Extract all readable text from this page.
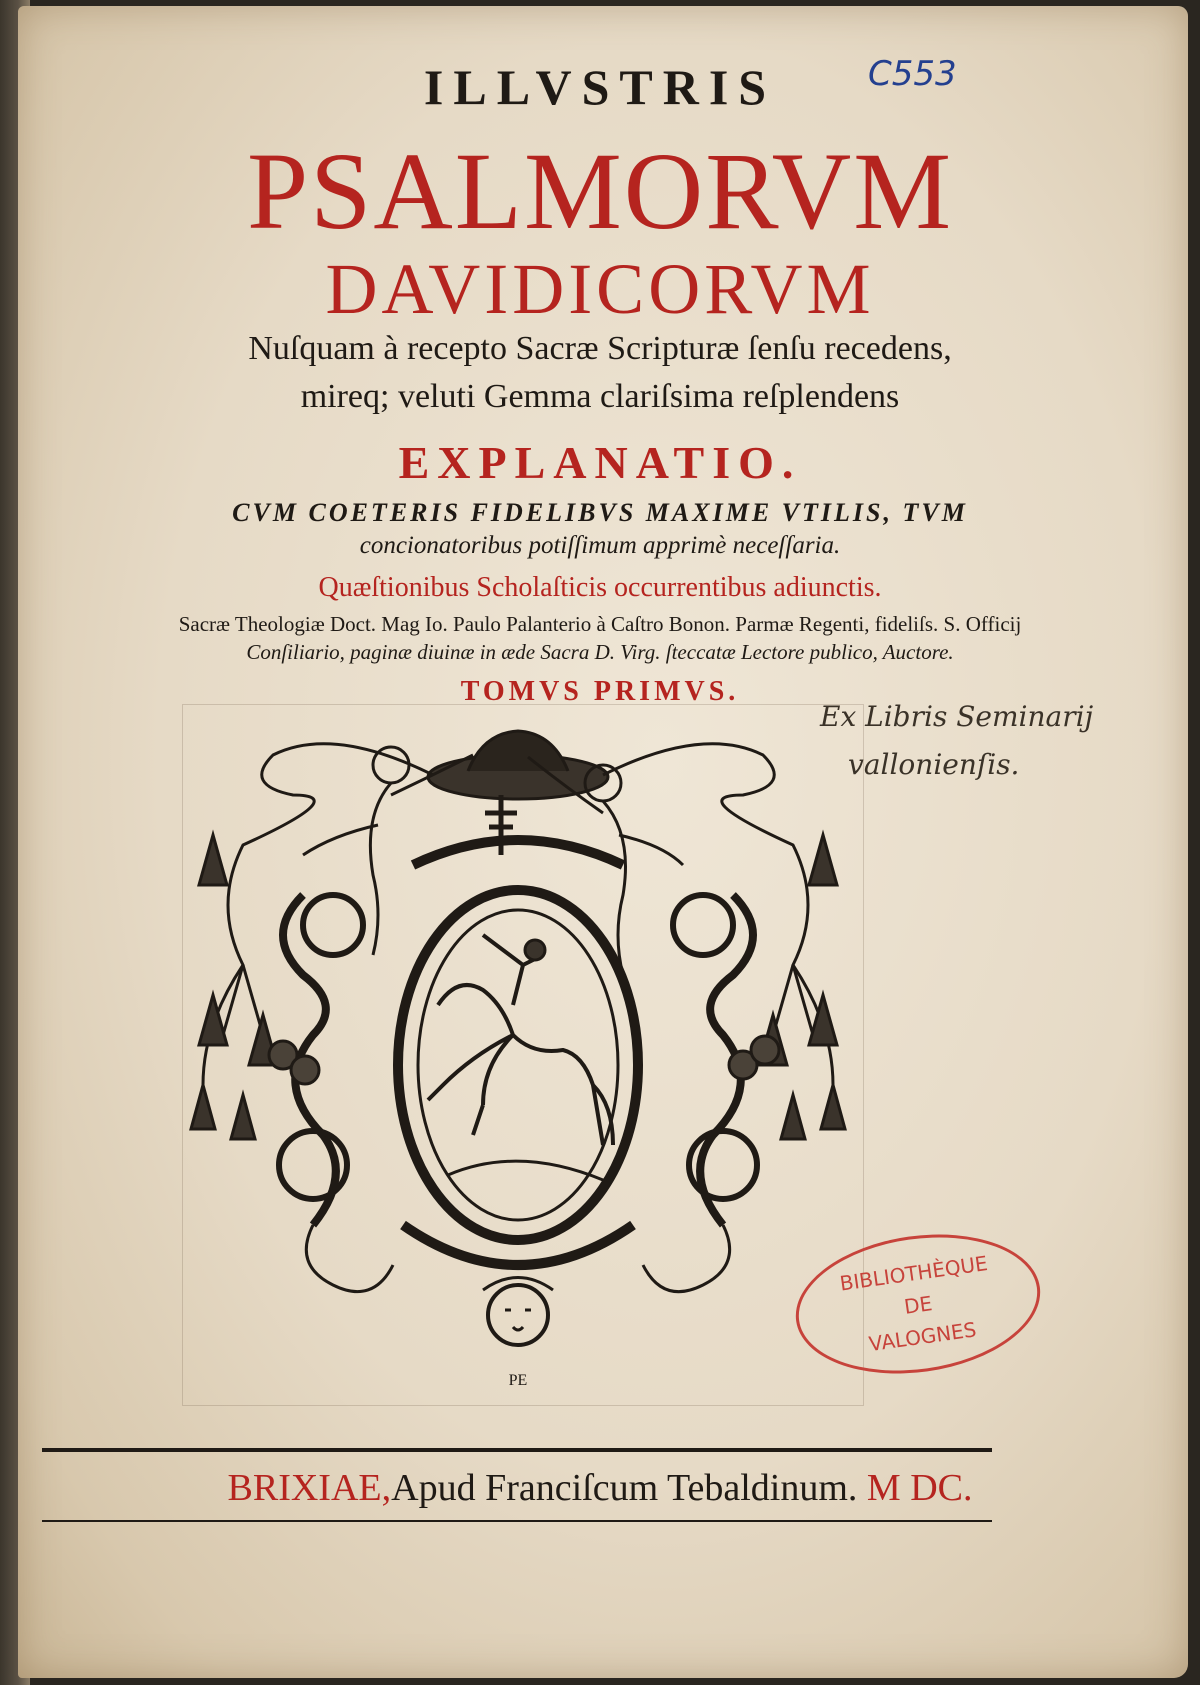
C553
ILLVSTRIS
PSALMORVM
DAVIDICORVM
Nuſquam à recepto Sacræ Scripturæ ſenſu recedens,
mireq; veluti Gemma clariſsima reſplendens
EXPLANATIO.
CVM COETERIS FIDELIBVS MAXIME VTILIS, TVM
concionatoribus potiſſimum apprimè neceſſaria.
Quæſtionibus Scholaſticis occurrentibus adiunctis.
Sacræ Theologiæ Doct. Mag Io. Paulo Palanterio à Caſtro Bonon. Parmæ Regenti, fideliſs. S. Officij
Conſiliario, paginæ diuinæ in æde Sacra D. Virg. ſteccatæ Lectore publico, Auctore.
TOMVS PRIMVS.
Ex Libris Seminarij
vallonienſis.
PE
BIBLIOTHÈQUE
DE
VALOGNES
BRIXIAE,Apud Franciſcum Tebaldinum. M DC.
